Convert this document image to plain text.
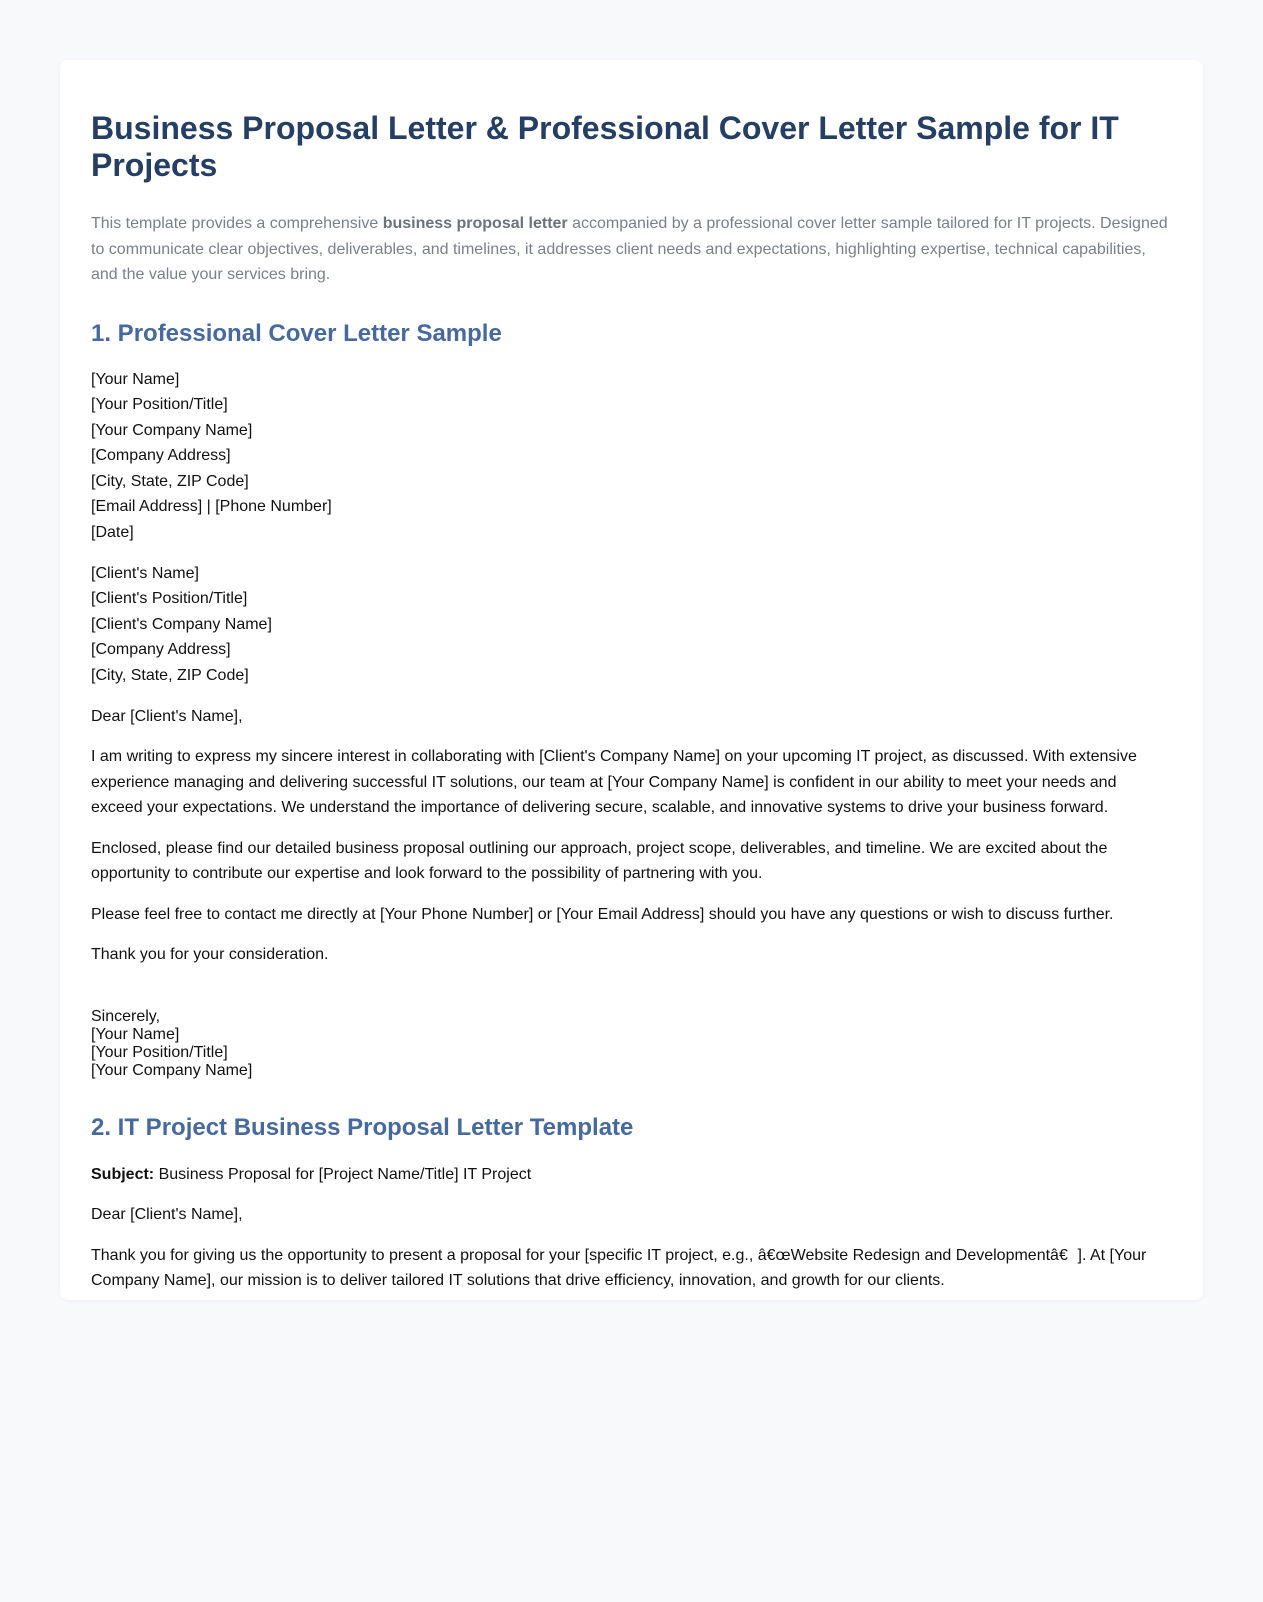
Business Proposal Letter & Professional Cover Letter Sample for IT Projects

This template provides a comprehensive business proposal letter accompanied by a professional cover letter sample tailored for IT projects. Designed to communicate clear objectives, deliverables, and timelines, it addresses client needs and expectations, highlighting expertise, technical capabilities, and the value your services bring.

1. Professional Cover Letter Sample
[Your Name]
[Your Position/Title]
[Your Company Name]
[Company Address]
[City, State, ZIP Code]
[Email Address] | [Phone Number]
[Date]
[Client's Name]
[Client's Position/Title]
[Client's Company Name]
[Company Address]
[City, State, ZIP Code]

Dear [Client's Name],

I am writing to express my sincere interest in collaborating with [Client's Company Name] on your upcoming IT project, as discussed. With extensive experience managing and delivering successful IT solutions, our team at [Your Company Name] is confident in our ability to meet your needs and exceed your expectations. We understand the importance of delivering secure, scalable, and innovative systems to drive your business forward.

Enclosed, please find our detailed business proposal outlining our approach, project scope, deliverables, and timeline. We are excited about the opportunity to contribute our expertise and look forward to the possibility of partnering with you.

Please feel free to contact me directly at [Your Phone Number] or [Your Email Address] should you have any questions or wish to discuss further.

Thank you for your consideration.

Sincerely,
[Your Name]
[Your Position/Title]
[Your Company Name]
2. IT Project Business Proposal Letter Template

Subject: Business Proposal for [Project Name/Title] IT Project

Dear [Client's Name],

Thank you for giving us the opportunity to present a proposal for your [specific IT project, e.g., â€œWebsite Redesign and Developmentâ€]. At [Your Company Name], our mission is to deliver tailored IT solutions that drive efficiency, innovation, and growth for our clients.
